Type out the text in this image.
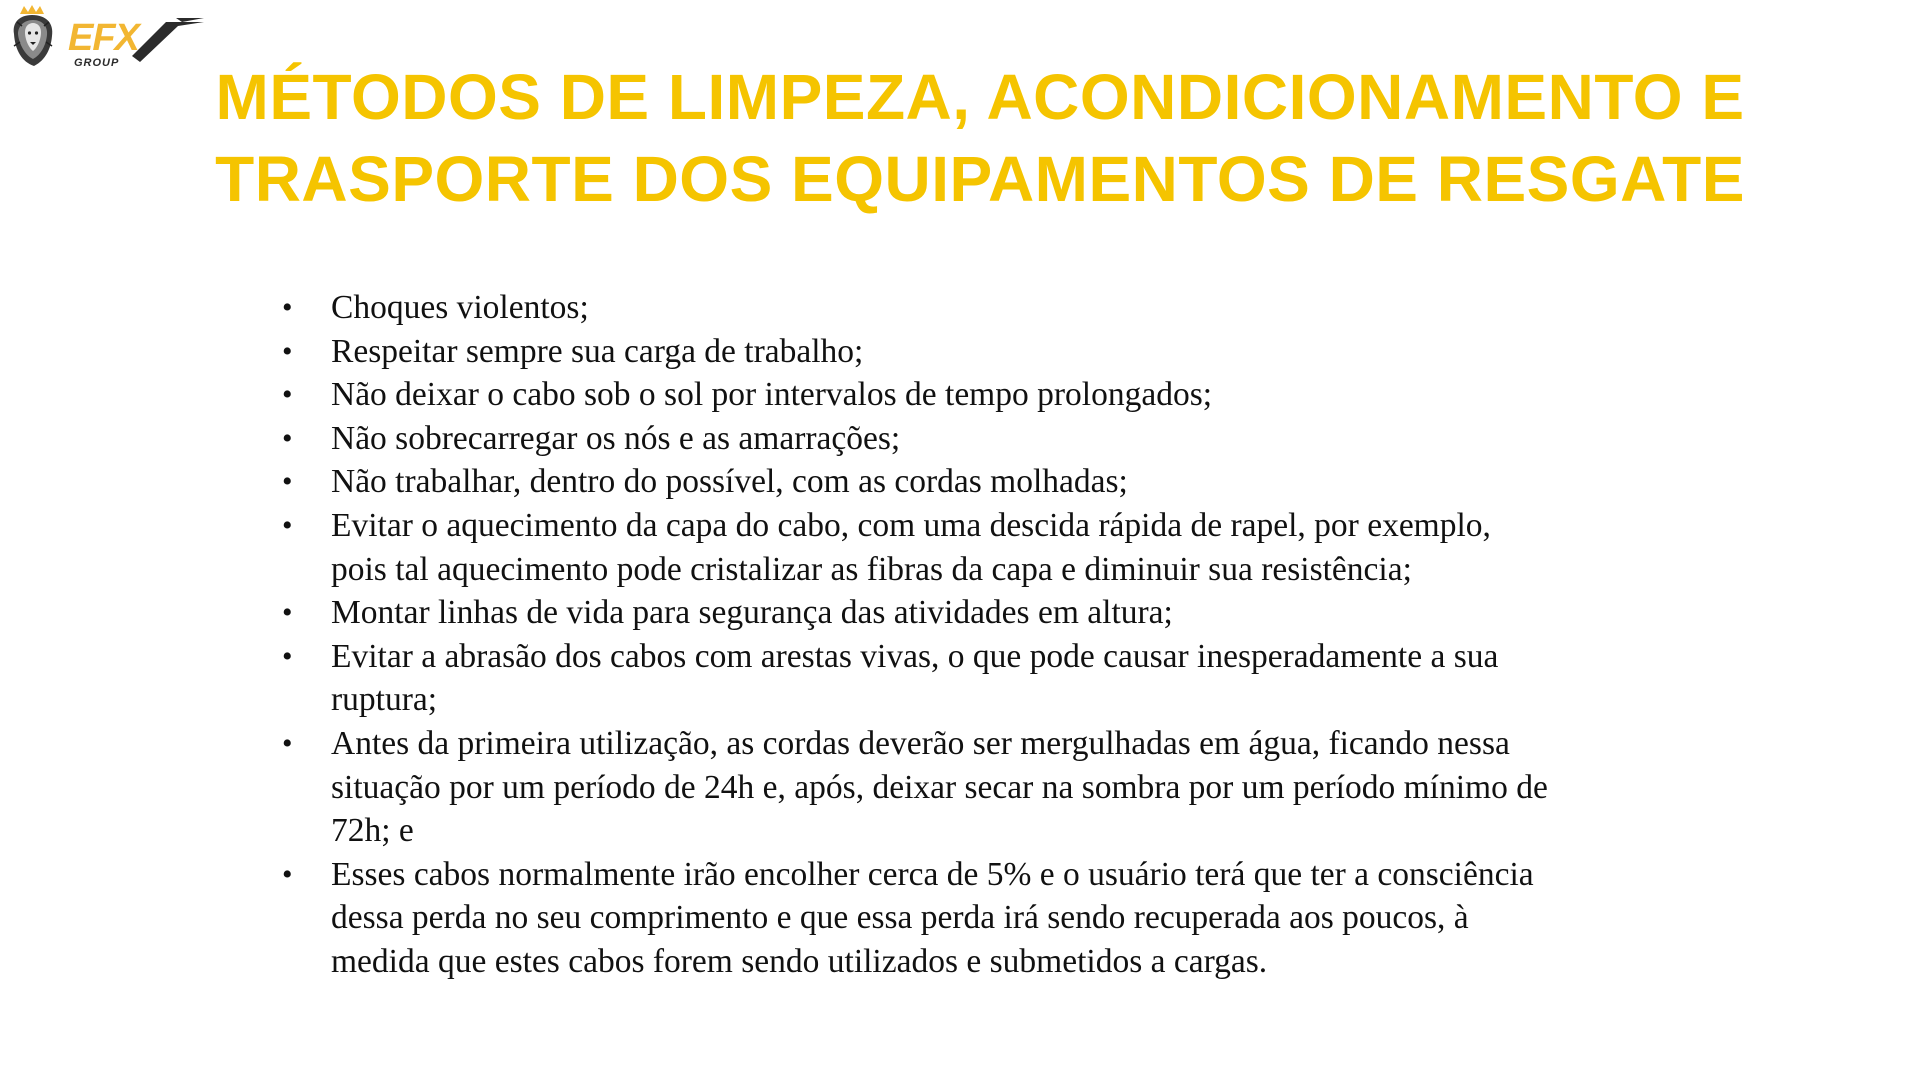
EFX
GROUP	MÉTODOS DE LIMPEZA, ACONDICIONAMENTO E
TRASPORTE DOS EQUIPAMENTOS DE RESGATE
• Choques violentos;
• Respeitar sempre sua carga de trabalho;
• Não deixar o cabo sob o sol por intervalos de tempo prolongados;
• Não sobrecarregar os nós e as amarrações;
• Não trabalhar, dentro do possível, com as cordas molhadas;
• Evitar o aquecimento da capa do cabo, com uma descida rápida de rapel, por exemplo,
pois tal aquecimento pode cristalizar as fibras da capa e diminuir sua resistência;
• Montar linhas de vida para segurança das atividades em altura;
• Evitar a abrasão dos cabos com arestas vivas, o que pode causar inesperadamente a sua
ruptura;
• Antes da primeira utilização, as cordas deverão ser mergulhadas em água, ficando nessa
situação por um período de 24h e, após, deixar secar na sombra por um período mínimo de
72h; e
• Esses cabos normalmente irão encolher cerca de 5% e o usuário terá que ter a consciência
dessa perda no seu comprimento e que essa perda irá sendo recuperada aos poucos, à
medida que estes cabos forem sendo utilizados e submetidos a cargas.
